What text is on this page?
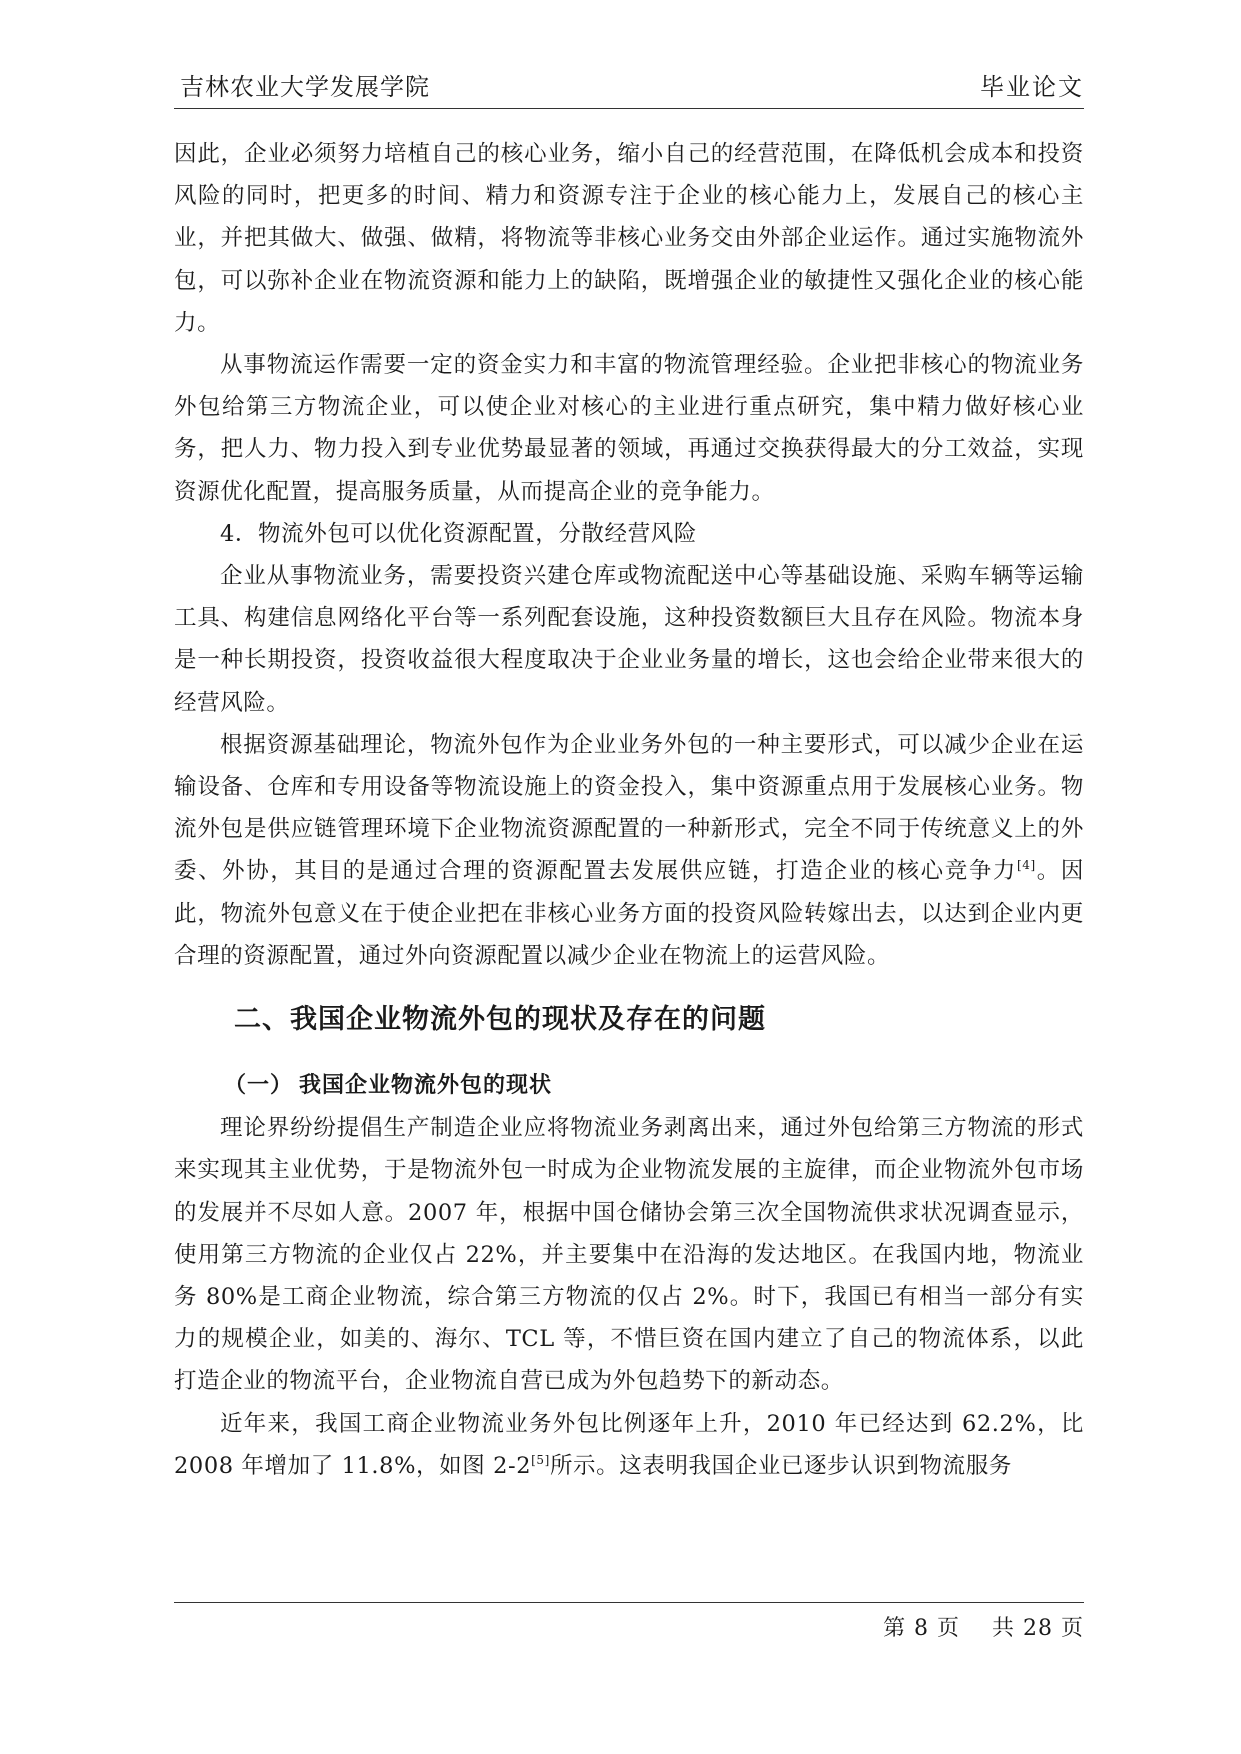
吉林农业大学发展学院	毕业论文

因此，企业必须努力培植自己的核心业务，缩小自己的经营范围，在降低机会成本和投资风险的同时，把更多的时间、精力和资源专注于企业的核心能力上，发展自己的核心主业，并把其做大、做强、做精，将物流等非核心业务交由外部企业运作。通过实施物流外包，可以弥补企业在物流资源和能力上的缺陷，既增强企业的敏捷性又强化企业的核心能力。

从事物流运作需要一定的资金实力和丰富的物流管理经验。企业把非核心的物流业务外包给第三方物流企业，可以使企业对核心的主业进行重点研究，集中精力做好核心业务，把人力、物力投入到专业优势最显著的领域，再通过交换获得最大的分工效益，实现资源优化配置，提高服务质量，从而提高企业的竞争能力。

4．物流外包可以优化资源配置，分散经营风险

企业从事物流业务，需要投资兴建仓库或物流配送中心等基础设施、采购车辆等运输工具、构建信息网络化平台等一系列配套设施，这种投资数额巨大且存在风险。物流本身是一种长期投资，投资收益很大程度取决于企业业务量的增长，这也会给企业带来很大的经营风险。

根据资源基础理论，物流外包作为企业业务外包的一种主要形式，可以减少企业在运输设备、仓库和专用设备等物流设施上的资金投入，集中资源重点用于发展核心业务。物流外包是供应链管理环境下企业物流资源配置的一种新形式，完全不同于传统意义上的外委、外协，其目的是通过合理的资源配置去发展供应链，打造企业的核心竞争力[4]。因此，物流外包意义在于使企业把在非核心业务方面的投资风险转嫁出去，以达到企业内更合理的资源配置，通过外向资源配置以减少企业在物流上的运营风险。

二、我国企业物流外包的现状及存在的问题

（一） 我国企业物流外包的现状

理论界纷纷提倡生产制造企业应将物流业务剥离出来，通过外包给第三方物流的形式来实现其主业优势，于是物流外包一时成为企业物流发展的主旋律，而企业物流外包市场的发展并不尽如人意。2007 年，根据中国仓储协会第三次全国物流供求状况调查显示，使用第三方物流的企业仅占 22%，并主要集中在沿海的发达地区。在我国内地，物流业务 80%是工商企业物流，综合第三方物流的仅占 2%。时下，我国已有相当一部分有实力的规模企业，如美的、海尔、TCL 等，不惜巨资在国内建立了自己的物流体系，以此打造企业的物流平台，企业物流自营已成为外包趋势下的新动态。

近年来，我国工商企业物流业务外包比例逐年上升，2010 年已经达到 62.2%，比 2008 年增加了 11.8%，如图 2-2[5]所示。这表明我国企业已逐步认识到物流服务

第 8 页    共 28 页
